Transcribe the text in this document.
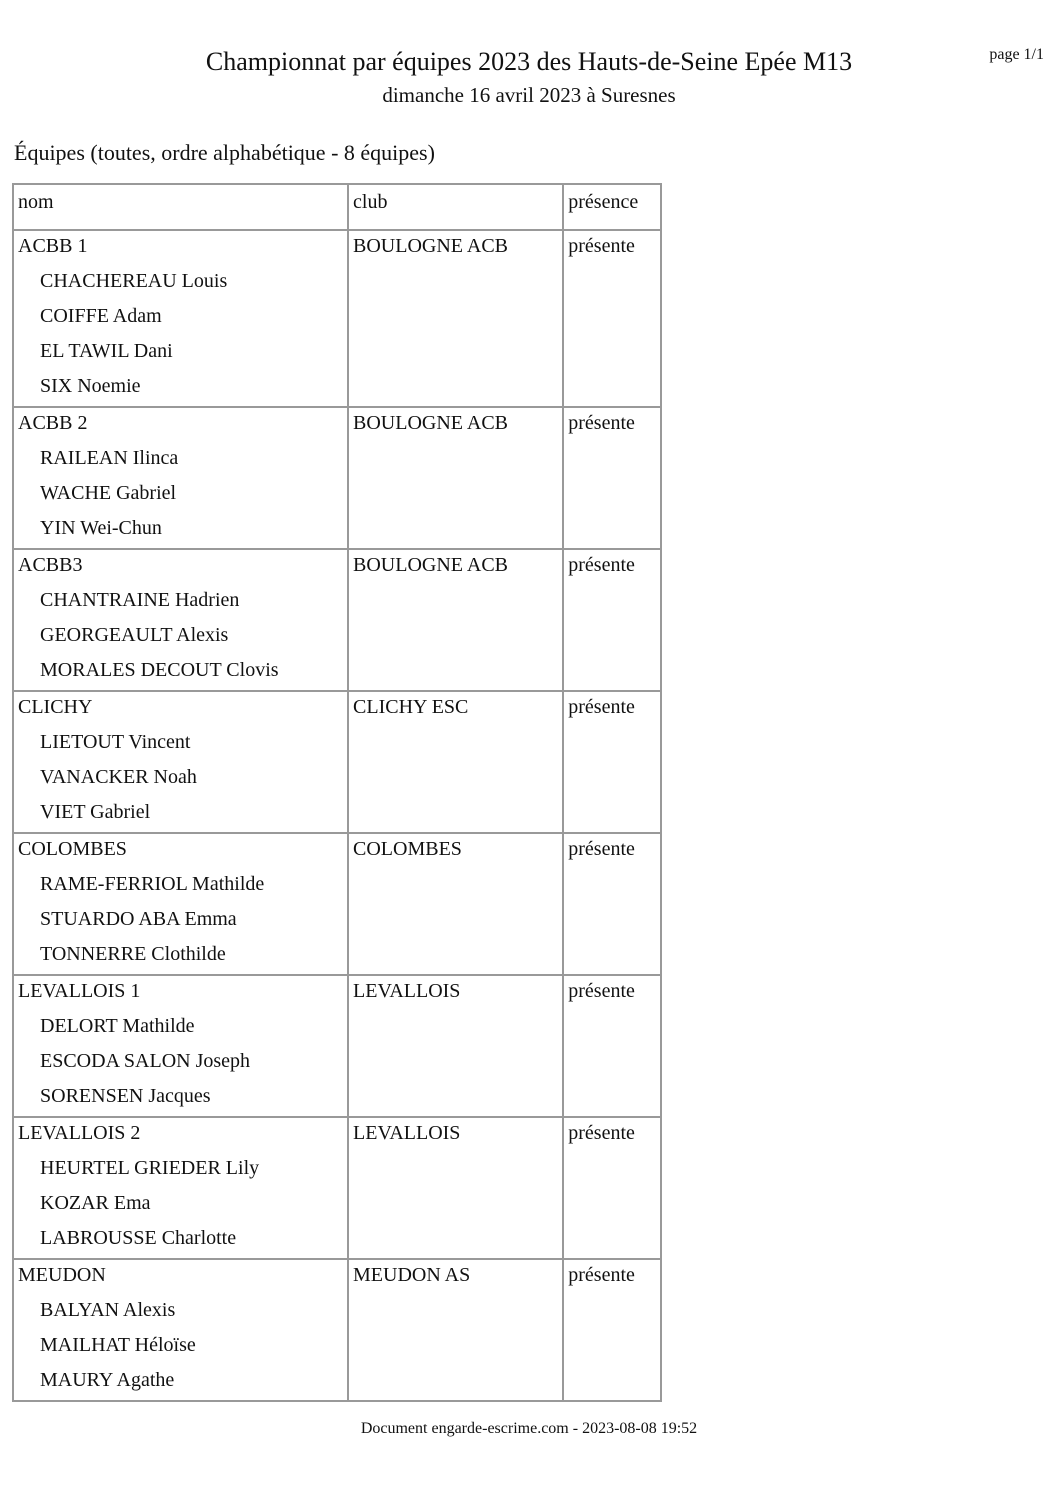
page 1/1
Championnat par équipes 2023 des Hauts-de-Seine Epée M13
dimanche 16 avril 2023 à Suresnes
Équipes (toutes, ordre alphabétique - 8 équipes)
nom	club	présence

ACBB 1
CHACHEREAU Louis
COIFFE Adam
EL TAWIL Dani
SIX Noemie	BOULOGNE ACB	présente

ACBB 2
RAILEAN Ilinca
WACHE Gabriel
YIN Wei-Chun	BOULOGNE ACB	présente

ACBB3
CHANTRAINE Hadrien
GEORGEAULT Alexis
MORALES DECOUT Clovis	BOULOGNE ACB	présente

CLICHY
LIETOUT Vincent
VANACKER Noah
VIET Gabriel	CLICHY ESC	présente

COLOMBES
RAME-FERRIOL Mathilde
STUARDO ABA Emma
TONNERRE Clothilde	COLOMBES	présente

LEVALLOIS 1
DELORT Mathilde
ESCODA SALON Joseph
SORENSEN Jacques	LEVALLOIS	présente

LEVALLOIS 2
HEURTEL GRIEDER Lily
KOZAR Ema
LABROUSSE Charlotte	LEVALLOIS	présente

MEUDON
BALYAN Alexis
MAILHAT Héloïse
MAURY Agathe	MEUDON AS	présente
Document engarde-escrime.com - 2023-08-08 19:52
